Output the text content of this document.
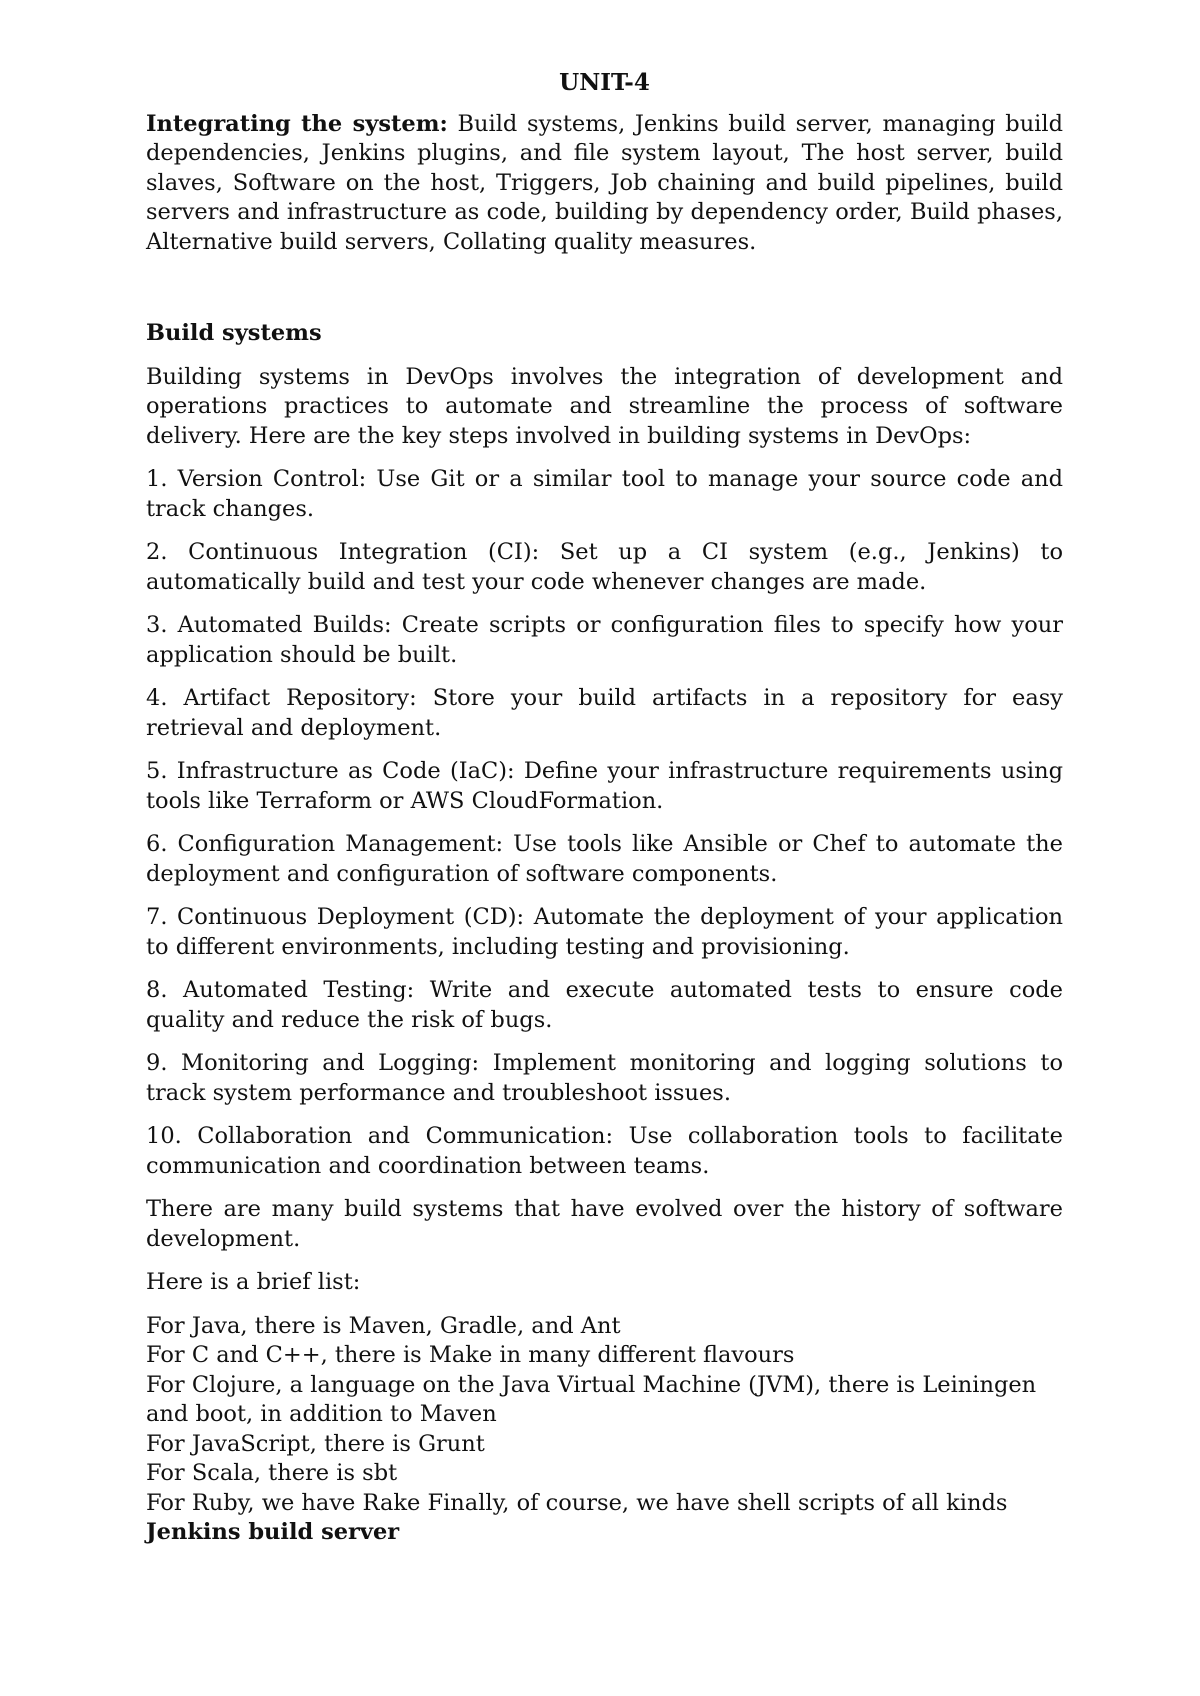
UNIT-4

Integrating the system: Build systems, Jenkins build server, managing build dependencies, Jenkins plugins, and file system layout, The host server, build slaves, Software on the host, Triggers, Job chaining and build pipelines, build servers and infrastructure as code, building by dependency order, Build phases, Alternative build servers, Collating quality measures.

Build systems

Building systems in DevOps involves the integration of development and operations practices to automate and streamline the process of software delivery. Here are the key steps involved in building systems in DevOps:

1. Version Control: Use Git or a similar tool to manage your source code and track changes.

2. Continuous Integration (CI): Set up a CI system (e.g., Jenkins) to automatically build and test your code whenever changes are made.

3. Automated Builds: Create scripts or configuration files to specify how your application should be built.

4. Artifact Repository: Store your build artifacts in a repository for easy retrieval and deployment.

5. Infrastructure as Code (IaC): Define your infrastructure requirements using tools like Terraform or AWS CloudFormation.

6. Configuration Management: Use tools like Ansible or Chef to automate the deployment and configuration of software components.

7. Continuous Deployment (CD): Automate the deployment of your application to different environments, including testing and provisioning.

8. Automated Testing: Write and execute automated tests to ensure code quality and reduce the risk of bugs.

9. Monitoring and Logging: Implement monitoring and logging solutions to track system performance and troubleshoot issues.

10. Collaboration and Communication: Use collaboration tools to facilitate communication and coordination between teams.

There are many build systems that have evolved over the history of software development.

Here is a brief list:

For Java, there is Maven, Gradle, and Ant
For C and C++, there is Make in many different flavours
For Clojure, a language on the Java Virtual Machine (JVM), there is Leiningen and boot, in addition to Maven
For JavaScript, there is Grunt
For Scala, there is sbt
For Ruby, we have Rake Finally, of course, we have shell scripts of all kinds
Jenkins build server
